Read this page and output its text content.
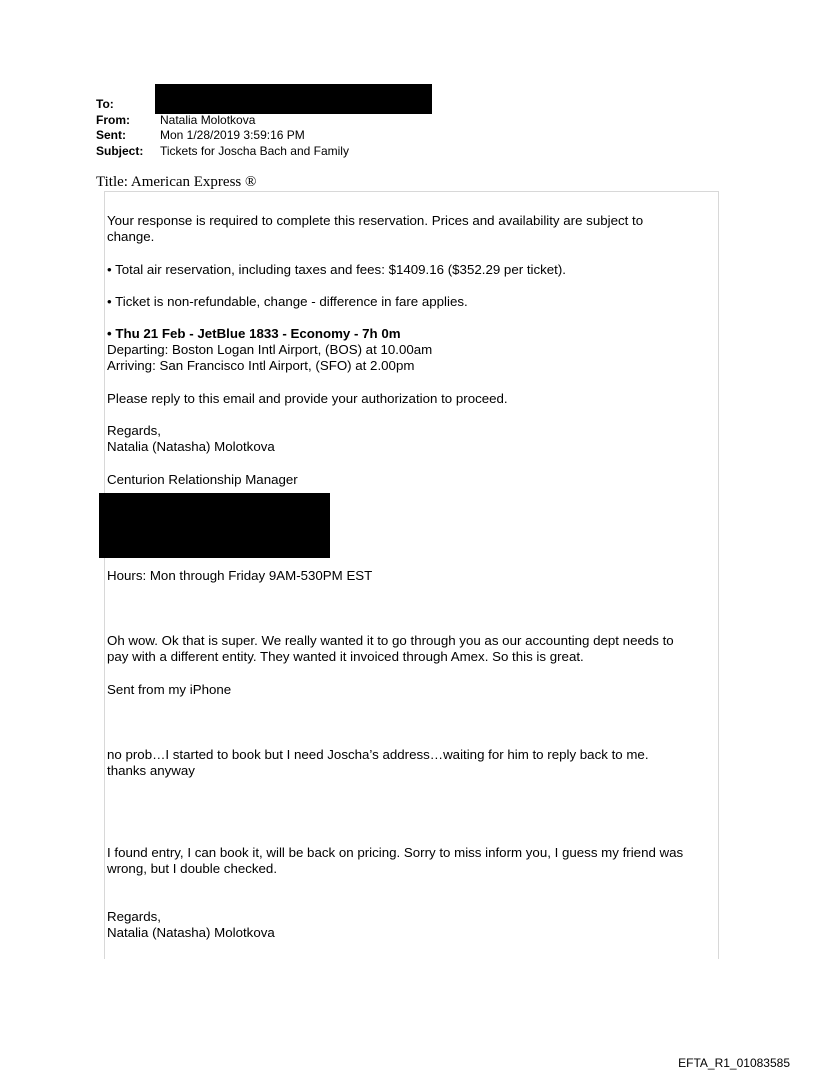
To:
From:	Natalia Molotkova
Sent:	Mon 1/28/2019 3:59:16 PM
Subject: Tickets for Joscha Bach and Family
Title: American Express ®
Your response is required to complete this reservation. Prices and availability are subject to
change.
• Total air reservation, including taxes and fees: $1409.16 ($352.29 per ticket).
• Ticket is non-refundable, change - difference in fare applies.
• Thu 21 Feb - JetBlue 1833 - Economy - 7h 0m
Departing: Boston Logan Intl Airport, (BOS) at 10.00am
Arriving: San Francisco Intl Airport, (SFO) at 2.00pm
Please reply to this email and provide your authorization to proceed.
Regards,
Natalia (Natasha) Molotkova
Centurion Relationship Manager
Hours: Mon through Friday 9AM-530PM EST
Oh wow. Ok that is super. We really wanted it to go through you as our accounting dept needs to
pay with a different entity. They wanted it invoiced through Amex. So this is great.
Sent from my iPhone
no prob…I started to book but I need Joscha’s address…waiting for him to reply back to me.
thanks anyway
I found entry, I can book it, will be back on pricing. Sorry to miss inform you, I guess my friend was
wrong, but I double checked.
Regards,
Natalia (Natasha) Molotkova
EFTA_R1_01083585
